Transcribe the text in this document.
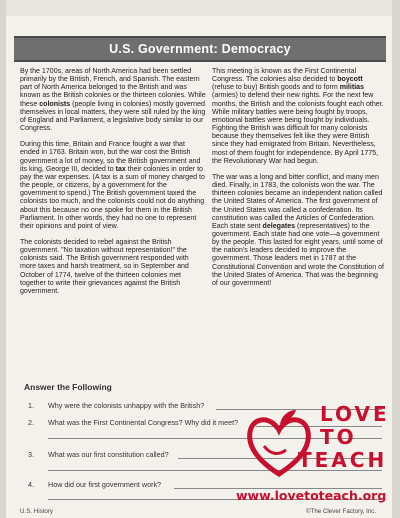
U.S. Government: Democracy

By the 1700s, areas of North America had been settled primarily by the British, French, and Spanish. The eastern part of North America belonged to the British and was known as the British colonies or the thirteen colonies. While these colonists (people living in colonies) mostly governed themselves in local matters, they were still ruled by the king of England and Parliament, a legislative body similar to our Congress.

During this time, Britain and France fought a war that ended in 1763. Britain won, but the war cost the British government a lot of money, so the British government and its king, George III, decided to tax their colonies in order to pay the war expenses. (A tax is a sum of money charged to the people, or citizens, by a government for the government to spend.) The British government taxed the colonists too much, and the colonists could not do anything about this because no one spoke for them in the British Parliament. In other words, they had no one to represent their opinions and point of view.

The colonists decided to rebel against the British government. "No taxation without representation!" the colonists said. The British government responded with more taxes and harsh treatment, so in September and October of 1774, twelve of the thirteen colonies met together to write their grievances against the British government.

This meeting is known as the First Continental Congress. The colonies also decided to boycott (refuse to buy) British goods and to form militias (armies) to defend their new rights. For the next few months, the British and the colonists fought each other. While military battles were being fought by troops, emotional battles were being fought by individuals. Fighting the British was difficult for many colonists because they themselves felt like they were British since they had emigrated from Britain. Nevertheless, most of them fought for independence. By April 1775, the Revolutionary War had begun.

The war was a long and bitter conflict, and many men died. Finally, in 1783, the colonists won the war. The thirteen colonies became an independent nation called the United States of America. The first government of the United States was called a confederation. Its constitution was called the Articles of Confederation. Each state sent delegates (representatives) to the government. Each state had one vote—a government by the people. This lasted for eight years, until some of the nation's leaders decided to improve the government. Those leaders met in 1787 at the Constitutional Convention and wrote the Constitution of the United States of America. That was the beginning of our government!

Answer the Following
1. Why were the colonists unhappy with the British?
2. What was the First Continental Congress? Why did it meet?
3. What was our first constitution called?
4. How did our first government work?
U.S. History	©The Clever Factory, Inc.
LOVE
TO
TEACH
www.lovetoteach.org
